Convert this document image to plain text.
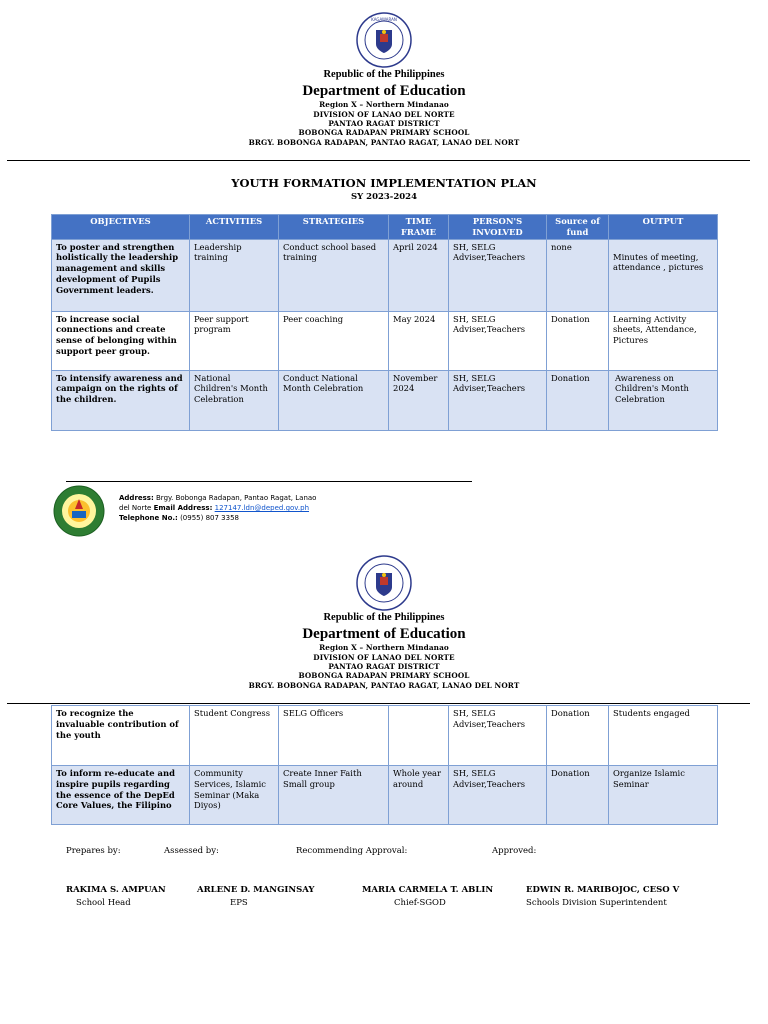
KAGAWARAN
Republic of the Philippines
Department of Education
Region X – Northern Mindanao
DIVISION OF LANAO DEL NORTE
PANTAO RAGAT DISTRICT
BOBONGA RADAPAN PRIMARY SCHOOL
BRGY. BOBONGA RADAPAN, PANTAO RAGAT, LANAO DEL NORT
YOUTH FORMATION IMPLEMENTATION PLAN
SY 2023-2024
OBJECTIVES	ACTIVITIES	STRATEGIES	TIME FRAME	PERSON'S INVOLVED	Source of fund	OUTPUT
To poster and strengthen holistically the leadership management and skills development of Pupils Government leaders.	Leadership training	Conduct school based training	April 2024	SH, SELG Adviser,Teachers	none	Minutes of meeting, attendance , pictures
To increase social connections and create sense of belonging within support peer group.	Peer support program	Peer coaching	May 2024	SH, SELG Adviser,Teachers	Donation	Learning Activity sheets, Attendance, Pictures
To intensify awareness and campaign on the rights of the children.	National Children's Month Celebration	Conduct National Month Celebration	November 2024	SH, SELG Adviser,Teachers	Donation	Awareness on Children's Month Celebration
Address: Brgy. Bobonga Radapan, Pantao Ragat, Lanao
del Norte Email Address: 127147.ldn@deped.gov.ph
Telephone No.: (0955) 807 3358
Republic of the Philippines
Department of Education
Region X – Northern Mindanao
DIVISION OF LANAO DEL NORTE
PANTAO RAGAT DISTRICT
BOBONGA RADAPAN PRIMARY SCHOOL
BRGY. BOBONGA RADAPAN, PANTAO RAGAT, LANAO DEL NORT
To recognize the invaluable contribution of the youth	Student Congress	SELG Officers		SH, SELG Adviser,Teachers	Donation	Students engaged
To inform re-educate and inspire pupils regarding the essence of the DepEd Core Values, the Filipino	Community Services, Islamic Seminar (Maka Diyos)	Create Inner Faith Small group	Whole year around	SH, SELG Adviser,Teachers	Donation	Organize Islamic Seminar
Prepares by:	Assessed by:	Recommending Approval:	Approved:
RAKIMA S. AMPUAN	ARLENE D. MANGINSAY	MARIA CARMELA T. ABLIN	EDWIN R. MARIBOJOC, CESO V
School Head	EPS	Chief-SGOD	Schools Division Superintendent
